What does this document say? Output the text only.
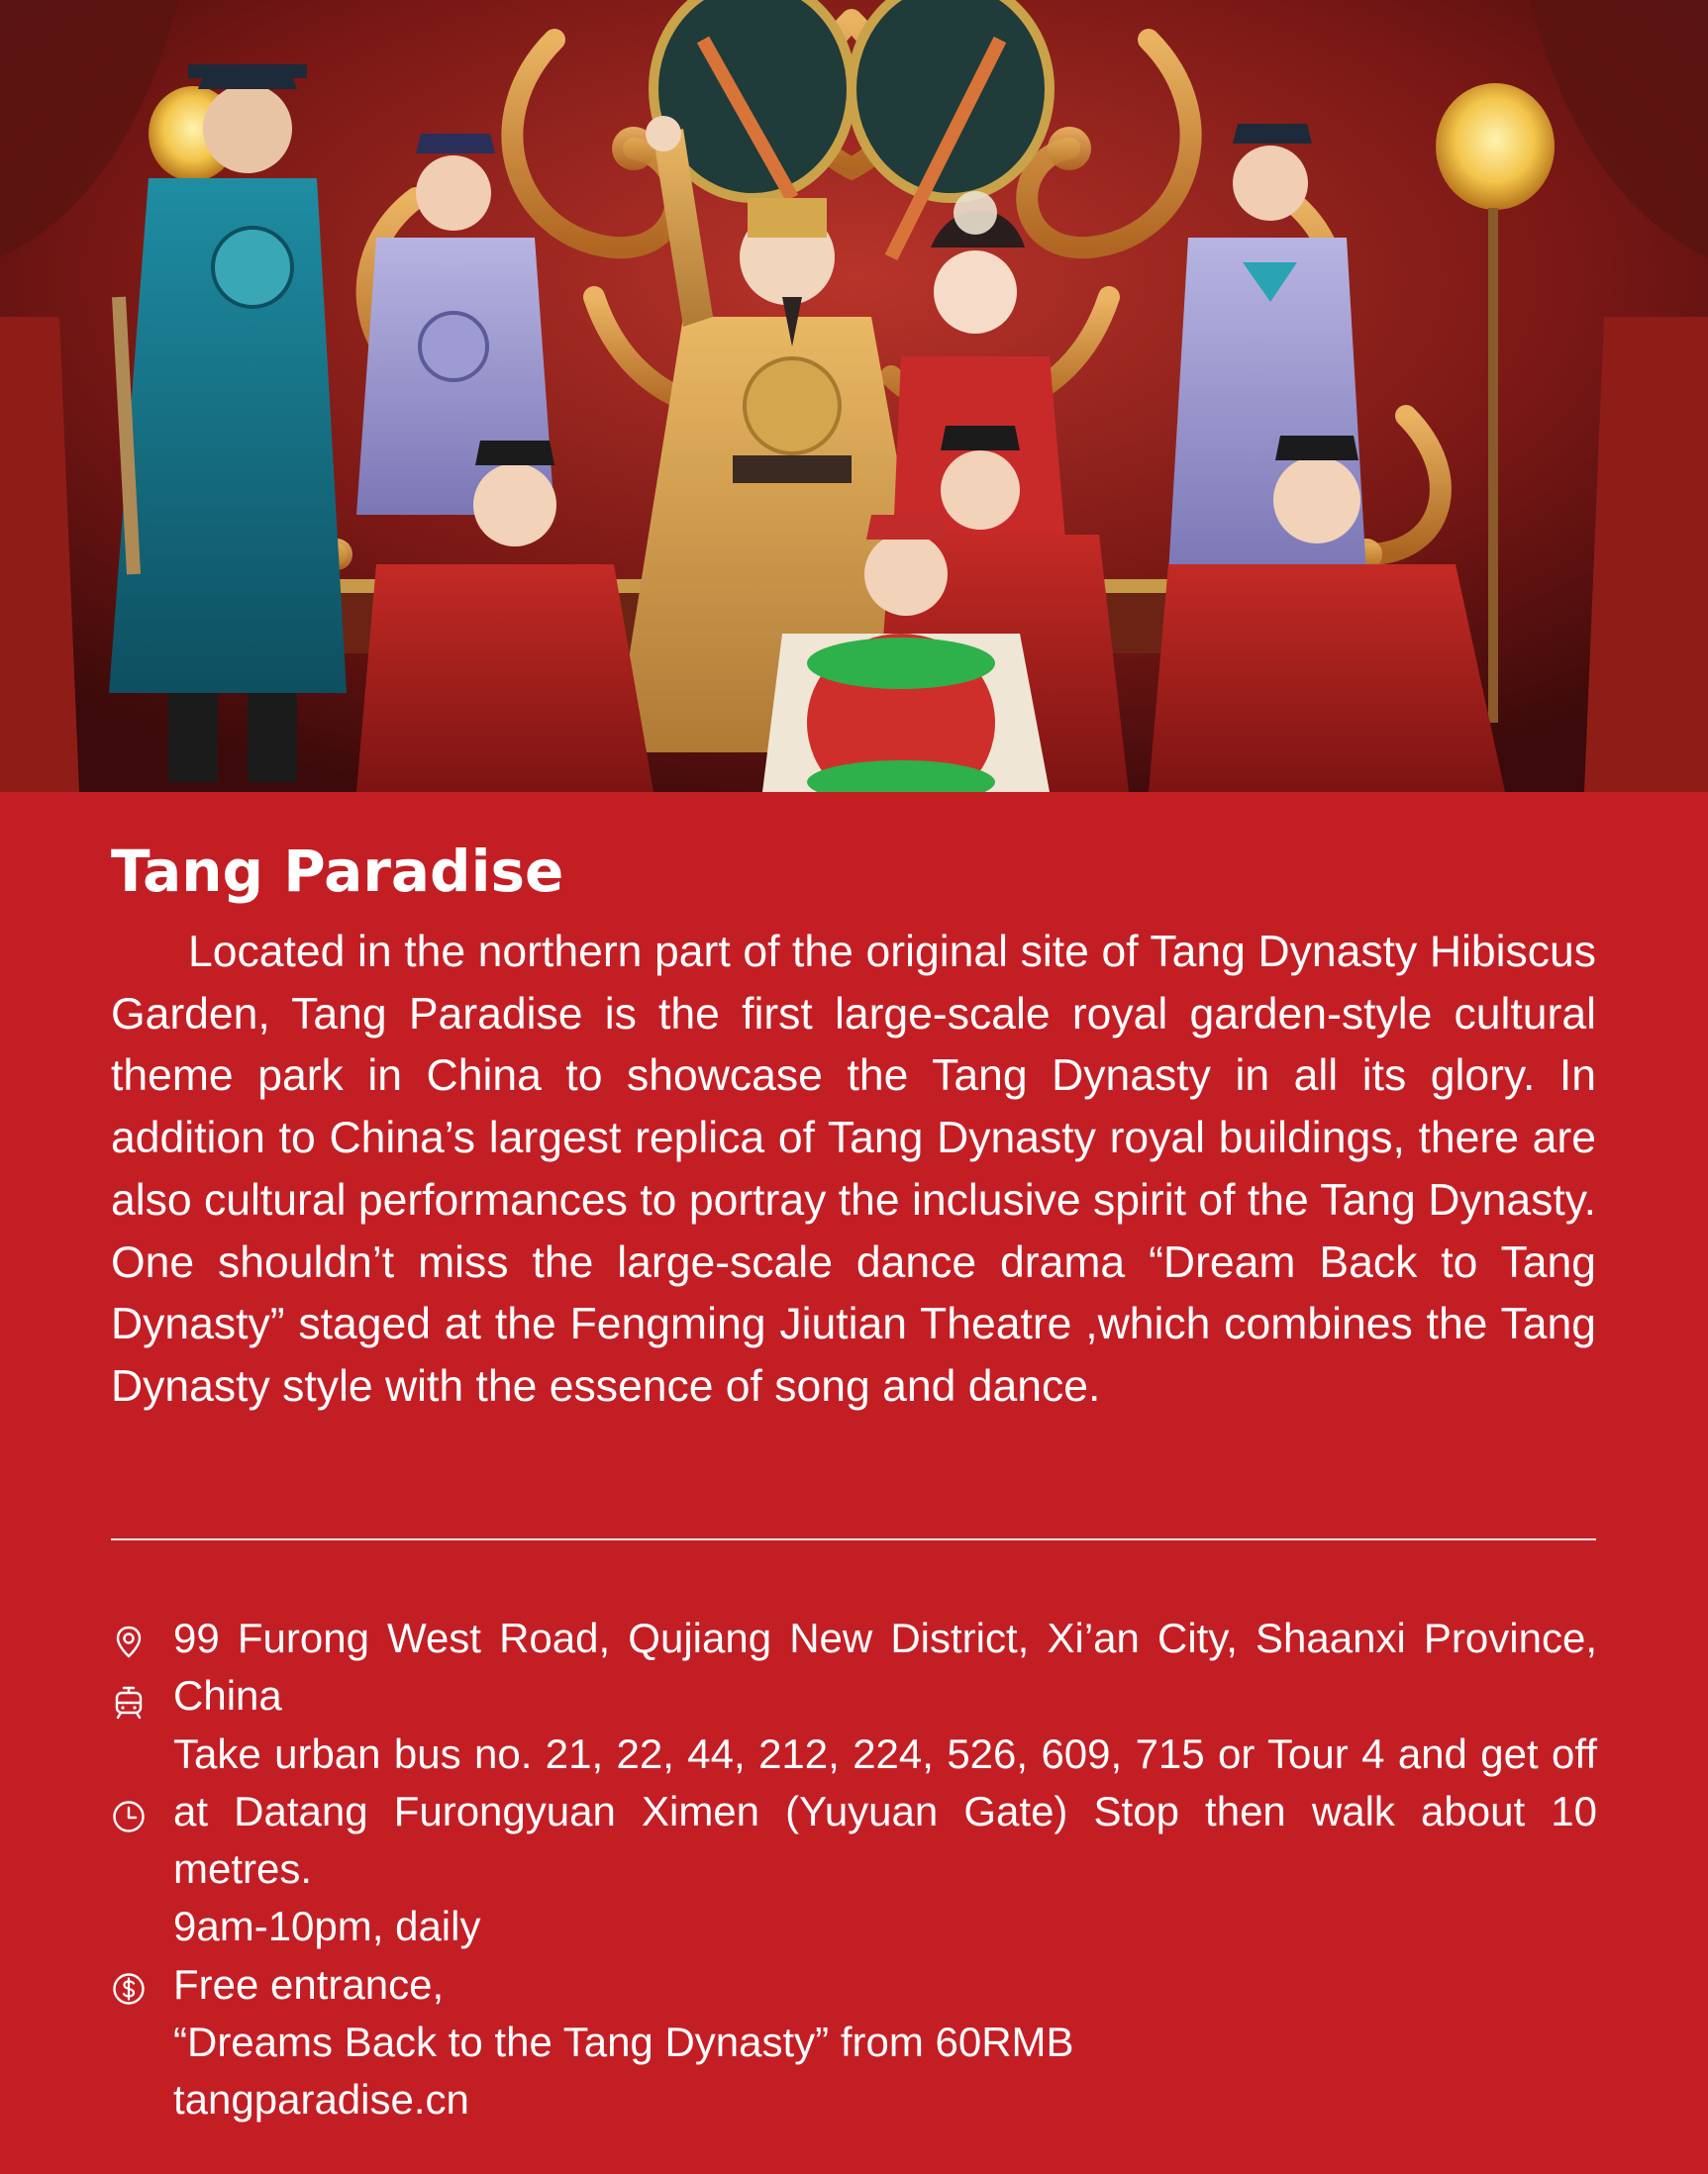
Tang Paradise

Located in the northern part of the original site of Tang Dynasty Hibiscus Garden, Tang Paradise is the first large-scale royal garden-style cultural theme park in China to showcase the Tang Dynasty in all its glory. In addition to China’s largest replica of Tang Dynasty royal buildings, there are also cultural performances to portray the inclusive spirit of the Tang Dynasty. One shouldn’t miss the large-scale dance drama “Dream Back to Tang Dynasty” staged at the Fengming Jiutian Theatre ,which combines the Tang Dynasty style with the essence of song and dance.

99 Furong West Road, Qujiang New District, Xi’an City, Shaanxi Province, China
Take urban bus no. 21, 22, 44, 212, 224, 526, 609, 715 or Tour 4 and get off at Datang Furongyuan Ximen (Yuyuan Gate) Stop then walk about 10 metres.
9am-10pm, daily
Free entrance,
“Dreams Back to the Tang Dynasty” from 60RMB
tangparadise.cn
